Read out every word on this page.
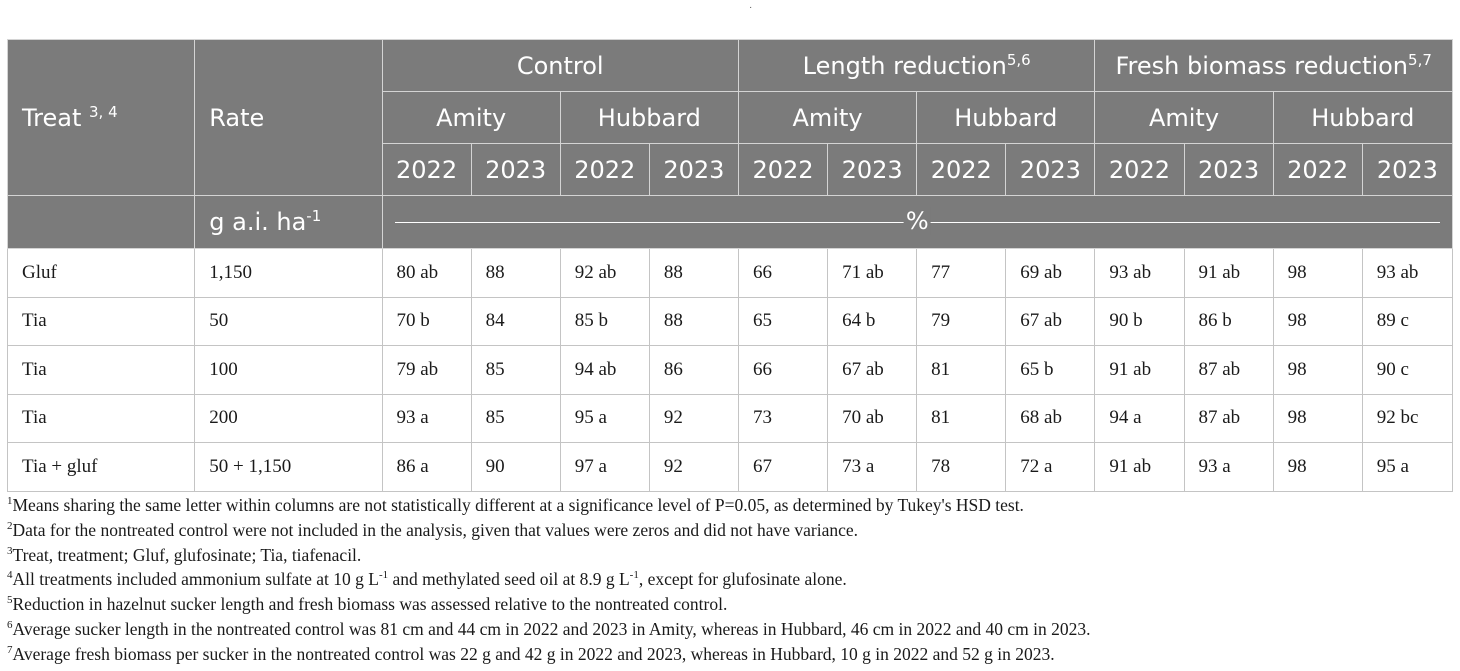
·
Treat $^{3, 4}$	Rate	Control				Length reduction$^{5,6}$				Fresh biomass reduction$^{5,7}$
		Amity		Hubbard		Amity		Hubbard		Amity		Hubbard	
		2022	2023	2022	2023	2022	2023	2022	2023	2022	2023	2022	2023
	g a.i. $ha^{-1}$	%											

Gluf	1,150	80 ab	88	92 ab	88	66	71 ab	77	69 ab	93 ab	91 ab	98	93 ab
Tia	50	70 b	84	85 b	88	65	64 b	79	67 ab	90 b	86 b	98	89 c
Tia	100	79 ab	85	94 ab	86	66	67 ab	81	65 b	91 ab	87 ab	98	90 c
Tia	200	93 a	85	95 a	92	73	70 ab	81	68 ab	94 a	87 ab	98	92 bc
Tia + gluf	50 + 1,150	86 a	90	97 a	92	67	73 a	78	72 a	91 ab	93 a	98	95 a
$^1$Means sharing the same letter within columns are not statistically different at a significance level of P=0.05, as determined by Tukey's HSD test.
$^2$Data for the nontreated control were not included in the analysis, given that values were zeros and did not have variance.
$^3$Treat, treatment; Gluf, glufosinate; Tia, tiafenacil.
$^4$All treatments included ammonium sulfate at 10 g $L^{-1}$ and methylated seed oil at 8.9 g $L^{-1}$, except for glufosinate alone.
$^5$Reduction in hazelnut sucker length and fresh biomass was assessed relative to the nontreated control.
$^6$Average sucker length in the nontreated control was 81 cm and 44 cm in 2022 and 2023 in Amity, whereas in Hubbard, 46 cm in 2022 and 40 cm in 2023.
$^7$Average fresh biomass per sucker in the nontreated control was 22 g and 42 g in 2022 and 2023, whereas in Hubbard, 10 g in 2022 and 52 g in 2023.
